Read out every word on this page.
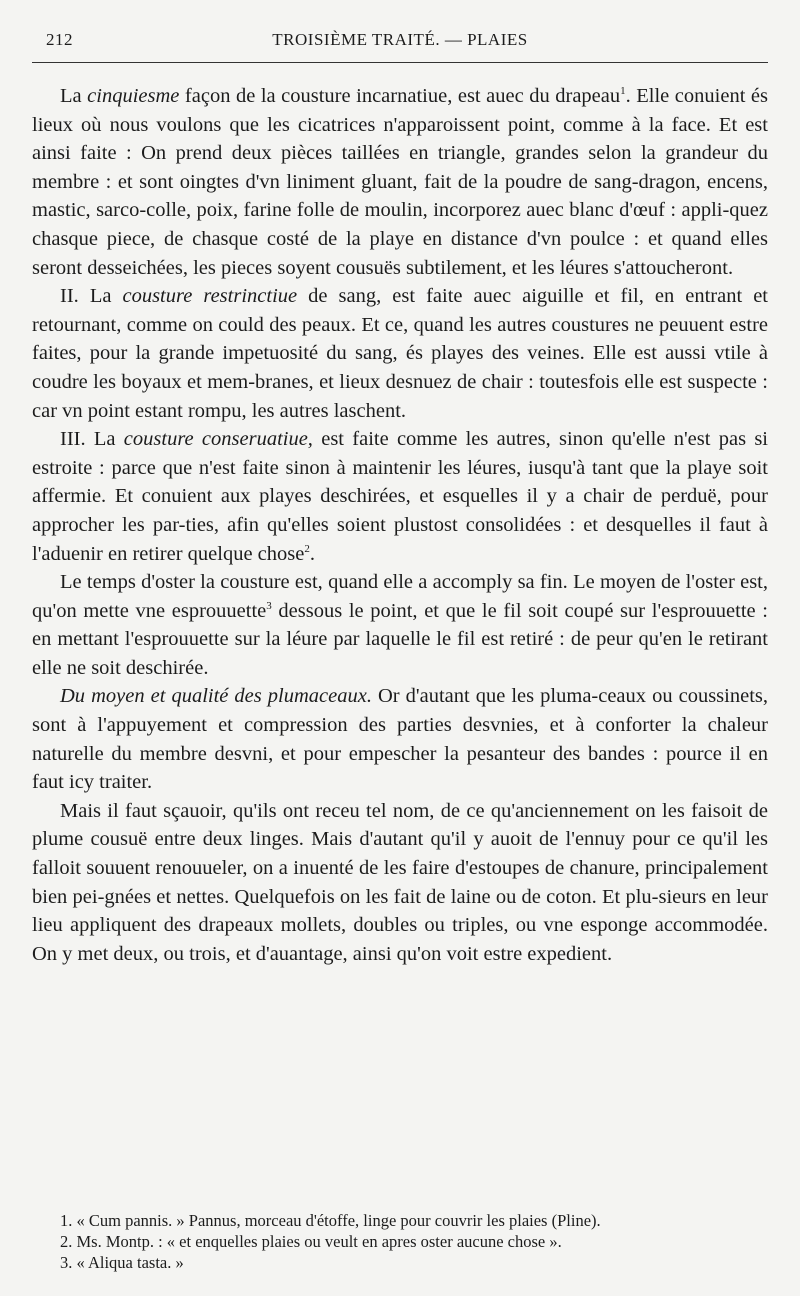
212	TROISIÈME TRAITÉ. — PLAIES

La cinquiesme façon de la cousture incarnatiue, est auec du drapeau$^1$. Elle conuient és lieux où nous voulons que les cicatrices n'apparoissent point, comme à la face. Et est ainsi faite : On prend deux pièces taillées en triangle, grandes selon la grandeur du membre : et sont oingtes d'vn liniment gluant, fait de la poudre de sang-dragon, encens, mastic, sarco-colle, poix, farine folle de moulin, incorporez auec blanc d'œuf : appli-quez chasque piece, de chasque costé de la playe en distance d'vn poulce : et quand elles seront desseichées, les pieces soyent cousuës subtilement, et les léures s'attoucheront.

II. La cousture restrinctiue de sang, est faite auec aiguille et fil, en entrant et retournant, comme on could des peaux. Et ce, quand les autres coustures ne peuuent estre faites, pour la grande impetuosité du sang, és playes des veines. Elle est aussi vtile à coudre les boyaux et mem-branes, et lieux desnuez de chair : toutesfois elle est suspecte : car vn point estant rompu, les autres laschent.

III. La cousture conseruatiue, est faite comme les autres, sinon qu'elle n'est pas si estroite : parce que n'est faite sinon à maintenir les léures, iusqu'à tant que la playe soit affermie. Et conuient aux playes deschirées, et esquelles il y a chair de perduë, pour approcher les par-ties, afin qu'elles soient plustost consolidées : et desquelles il faut à l'aduenir en retirer quelque chose$^2$.

Le temps d'oster la cousture est, quand elle a accomply sa fin. Le moyen de l'oster est, qu'on mette vne esprouuette$^3$ dessous le point, et que le fil soit coupé sur l'esprouuette : en mettant l'esprouuette sur la léure par laquelle le fil est retiré : de peur qu'en le retirant elle ne soit deschirée.

Du moyen et qualité des plumaceaux. Or d'autant que les pluma-ceaux ou coussinets, sont à l'appuyement et compression des parties desvnies, et à conforter la chaleur naturelle du membre desvni, et pour empescher la pesanteur des bandes : pource il en faut icy traiter.

Mais il faut sçauoir, qu'ils ont receu tel nom, de ce qu'anciennement on les faisoit de plume cousuë entre deux linges. Mais d'autant qu'il y auoit de l'ennuy pour ce qu'il les falloit souuent renouueler, on a inuenté de les faire d'estoupes de chanure, principalement bien pei-gnées et nettes. Quelquefois on les fait de laine ou de coton. Et plu-sieurs en leur lieu appliquent des drapeaux mollets, doubles ou triples, ou vne esponge accommodée. On y met deux, ou trois, et d'auantage, ainsi qu'on voit estre expedient.

1. « Cum pannis. » Pannus, morceau d'étoffe, linge pour couvrir les plaies (Pline).
2. Ms. Montp. : « et enquelles plaies ou veult en apres oster aucune chose ».
3. « Aliqua tasta. »
